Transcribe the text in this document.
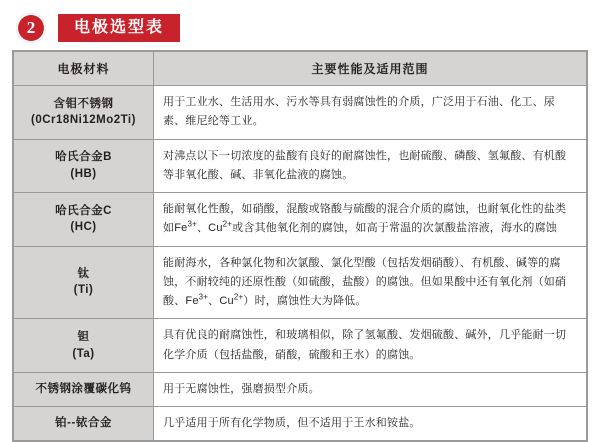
2	电极选型表
电极材料	主要性能及适用范围

含钼不锈钢
(0Cr18Ni12Mo2Ti)	用于工业水、生活用水、污水等具有弱腐蚀性的介质，广泛用于石油、化工、尿素、维尼纶等工业。

哈氏合金B
(HB)	对沸点以下一切浓度的盐酸有良好的耐腐蚀性，也耐硫酸、磷酸、氢氟酸、有机酸等非氧化酸、碱、非氧化盐液的腐蚀。

哈氏合金C
(HC)	能耐氧化性酸，如硝酸，混酸或铬酸与硫酸的混合介质的腐蚀，也耐氧化性的盐类如$Fe^{3+}$、$Cu^{2+}$或含其他氧化剂的腐蚀，如高于常温的次氯酸盐溶液，海水的腐蚀

钛
(Ti)	能耐海水，各种氯化物和次氯酸、氯化型酸（包括发烟硝酸）、有机酸、碱等的腐蚀，不耐较纯的还原性酸（如硫酸，盐酸）的腐蚀。但如果酸中还有氧化剂（如硝酸、$Fe^{3+}$、$Cu^{2+}$）时，腐蚀性大为降低。

钽
(Ta)	具有优良的耐腐蚀性，和玻璃相似，除了氢氟酸、发烟硫酸、碱外，几乎能耐一切化学介质（包括盐酸，硝酸，硫酸和王水）的腐蚀。

不锈钢涂覆碳化钨	用于无腐蚀性，强磨损型介质。

铂--铱合金	几乎适用于所有化学物质，但不适用于王水和铵盐。
